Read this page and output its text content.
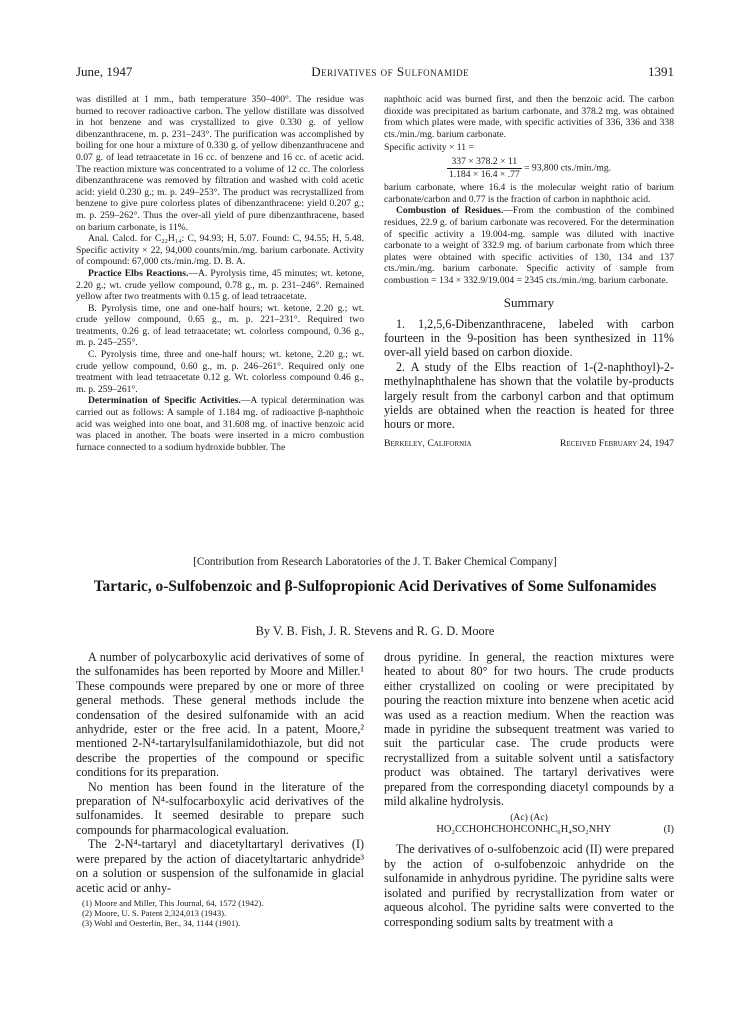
June, 1947	Derivatives of Sulfonamide	1391

was distilled at 1 mm., bath temperature 350–400°. The residue was burned to recover radioactive carbon. The yellow distillate was dissolved in hot benzene and was crystallized to give 0.330 g. of yellow dibenzanthracene, m. p. 231–243°. The purification was accomplished by boiling for one hour a mixture of 0.330 g. of yellow dibenzanthracene and 0.07 g. of lead tetraacetate in 16 cc. of benzene and 16 cc. of acetic acid. The reaction mixture was concentrated to a volume of 12 cc. The colorless dibenzanthracene was removed by filtration and washed with cold acetic acid: yield 0.230 g.; m. p. 249–253°. The product was recrystallized from benzene to give pure colorless plates of dibenzanthracene: yield 0.207 g.; m. p. 259–262°. Thus the over-all yield of pure dibenzanthracene, based on barium carbonate, is 11%.

Anal. Calcd. for C₂₂H₁₄: C, 94.93; H, 5.07. Found: C, 94.55; H, 5.48. Specific activity × 22, 94,000 counts/min./mg. barium carbonate. Activity of compound: 67,000 cts./min./mg. D. B. A.

Practice Elbs Reactions.—A. Pyrolysis time, 45 minutes; wt. ketone, 2.20 g.; wt. crude yellow compound, 0.78 g., m. p. 231–246°. Remained yellow after two treatments with 0.15 g. of lead tetraacetate.

B. Pyrolysis time, one and one-half hours; wt. ketone, 2.20 g.; wt. crude yellow compound, 0.65 g., m. p. 221–231°. Required two treatments, 0.26 g. of lead tetraacetate; wt. colorless compound, 0.36 g., m. p. 245–255°.

C. Pyrolysis time, three and one-half hours; wt. ketone, 2.20 g.; wt. crude yellow compound, 0.60 g., m. p. 246–261°. Required only one treatment with lead tetraacetate 0.12 g. Wt. colorless compound 0.46 g., m. p. 259–261°.

Determination of Specific Activities.—A typical determination was carried out as follows: A sample of 1.184 mg. of radioactive β-naphthoic acid was weighed into one boat, and 31.608 mg. of inactive benzoic acid was placed in another. The boats were inserted in a micro combustion furnace connected to a sodium hydroxide bubbler. The

naphthoic acid was burned first, and then the benzoic acid. The carbon dioxide was precipitated as barium carbonate, and 378.2 mg. was obtained from which plates were made, with specific activities of 336, 336 and 338 cts./min./mg. barium carbonate.

Specific activity × 11 =

$\frac{337 \times 378.2 \times 11}{1.184 \times 16.4 \times .77} = 93,800$ cts./min./mg.

barium carbonate, where 16.4 is the molecular weight ratio of barium carbonate/carbon and 0.77 is the fraction of carbon in naphthoic acid.

Combustion of Residues.—From the combustion of the combined residues, 22.9 g. of barium carbonate was recovered. For the determination of specific activity a 19.004-mg. sample was diluted with inactive carbonate to a weight of 332.9 mg. of barium carbonate from which three plates were obtained with specific activities of 130, 134 and 137 cts./min./mg. barium carbonate. Specific activity of sample from combustion = 134 × 332.9/19.004 = 2345 cts./min./mg. barium carbonate.

Summary

1. 1,2,5,6-Dibenzanthracene, labeled with carbon fourteen in the 9-position has been synthesized in 11% over-all yield based on carbon dioxide.

2. A study of the Elbs reaction of 1-(2-naphthoyl)-2-methylnaphthalene has shown that the volatile by-products largely result from the carbonyl carbon and that optimum yields are obtained when the reaction is heated for three hours or more.

Berkeley, California	Received February 24, 1947
[Contribution from Research Laboratories of the J. T. Baker Chemical Company]
Tartaric, o-Sulfobenzoic and β-Sulfopropionic Acid Derivatives of Some Sulfonamides
By V. B. Fish, J. R. Stevens and R. G. D. Moore

A number of polycarboxylic acid derivatives of some of the sulfonamides has been reported by Moore and Miller.¹ These compounds were prepared by one or more of three general methods. These general methods include the condensation of the desired sulfonamide with an acid anhydride, ester or the free acid. In a patent, Moore,² mentioned 2-N⁴-tartarylsulfanilamidothiazole, but did not describe the properties of the compound or specific conditions for its preparation.

No mention has been found in the literature of the preparation of N⁴-sulfocarboxylic acid derivatives of the sulfonamides. It seemed desirable to prepare such compounds for pharmacological evaluation.

The 2-N⁴-tartaryl and diacetyltartaryl derivatives (I) were prepared by the action of diacetyltartaric anhydride³ on a solution or suspension of the sulfonamide in glacial acetic acid or anhy-

(1) Moore and Miller, This Journal, 64, 1572 (1942).
(2) Moore, U. S. Patent 2,324,013 (1943).
(3) Wohl and Oesterlin, Ber., 34, 1144 (1901).

drous pyridine. In general, the reaction mixtures were heated to about 80° for two hours. The crude products either crystallized on cooling or were precipitated by pouring the reaction mixture into benzene when acetic acid was used as a reaction medium. When the reaction was made in pyridine the subsequent treatment was varied to suit the particular case. The crude products were recrystallized from a suitable solvent until a satisfactory product was obtained. The tartaryl derivatives were prepared from the corresponding diacetyl compounds by a mild alkaline hydrolysis.

(Ac) (Ac)
HO₂CCHOHCHOHCONHC₆H₄SO₂NHY	(I)

The derivatives of o-sulfobenzoic acid (II) were prepared by the action of o-sulfobenzoic anhydride on the sulfonamide in anhydrous pyridine. The pyridine salts were isolated and purified by recrystallization from water or aqueous alcohol. The pyridine salts were converted to the corresponding sodium salts by treatment with a
